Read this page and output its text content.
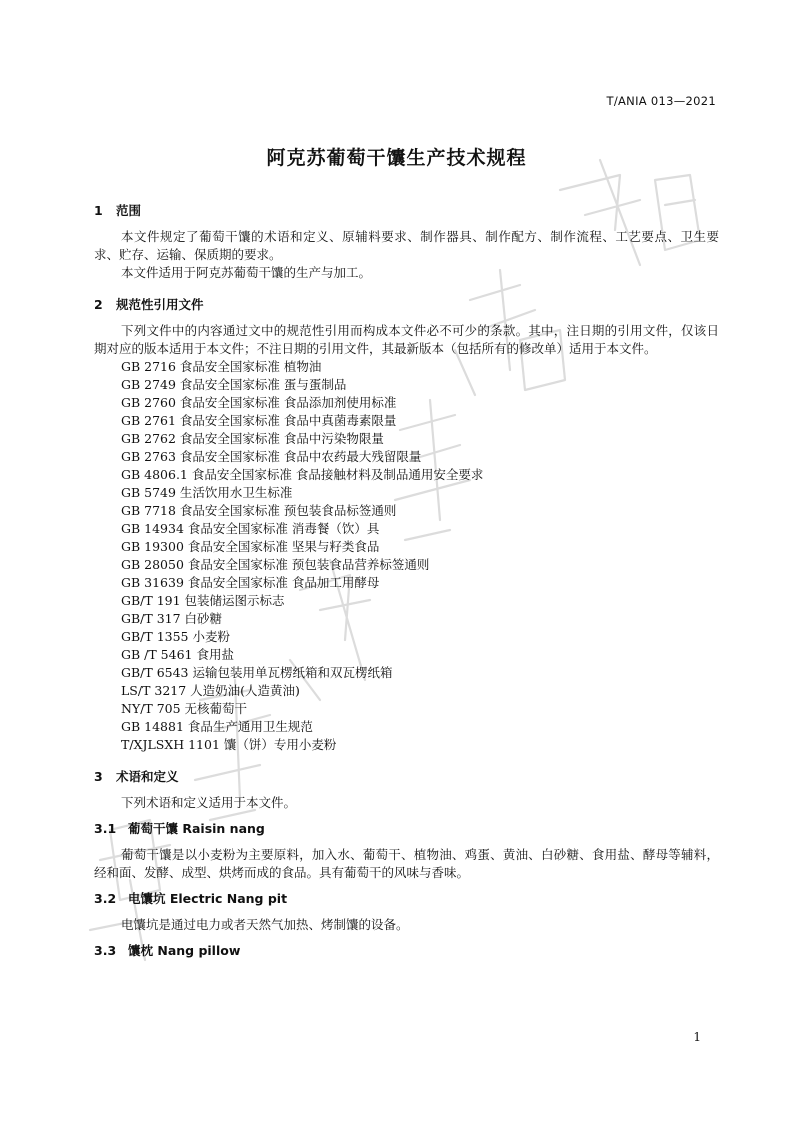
T/ANIA 013—2021
阿克苏葡萄干馕生产技术规程
1 范围

本文件规定了葡萄干馕的术语和定义、原辅料要求、制作器具、制作配方、制作流程、工艺要点、卫生要求、贮存、运输、保质期的要求。

本文件适用于阿克苏葡萄干馕的生产与加工。

2 规范性引用文件

下列文件中的内容通过文中的规范性引用而构成本文件必不可少的条款。其中，注日期的引用文件，仅该日期对应的版本适用于本文件；不注日期的引用文件，其最新版本（包括所有的修改单）适用于本文件。

GB 2716 食品安全国家标准 植物油
GB 2749 食品安全国家标准 蛋与蛋制品
GB 2760 食品安全国家标准 食品添加剂使用标准
GB 2761 食品安全国家标准 食品中真菌毒素限量
GB 2762 食品安全国家标准 食品中污染物限量
GB 2763 食品安全国家标准 食品中农药最大残留限量
GB 4806.1 食品安全国家标准 食品接触材料及制品通用安全要求
GB 5749 生活饮用水卫生标准
GB 7718 食品安全国家标准 预包装食品标签通则
GB 14934 食品安全国家标准 消毒餐（饮）具
GB 19300 食品安全国家标准 坚果与籽类食品
GB 28050 食品安全国家标准 预包装食品营养标签通则
GB 31639 食品安全国家标准 食品加工用酵母
GB/T 191 包装储运图示标志
GB/T 317 白砂糖
GB/T 1355 小麦粉
GB /T 5461 食用盐
GB/T 6543 运输包装用单瓦楞纸箱和双瓦楞纸箱
LS/T 3217 人造奶油(人造黄油)
NY/T 705 无核葡萄干
GB 14881 食品生产通用卫生规范
T/XJLSXH 1101 馕（饼）专用小麦粉
3 术语和定义

下列术语和定义适用于本文件。

3.1 葡萄干馕 Raisin nang

葡萄干馕是以小麦粉为主要原料，加入水、葡萄干、植物油、鸡蛋、黄油、白砂糖、食用盐、酵母等辅料，经和面、发酵、成型、烘烤而成的食品。具有葡萄干的风味与香味。

3.2 电馕坑 Electric Nang pit

电馕坑是通过电力或者天然气加热、烤制馕的设备。

3.3 馕枕 Nang pillow
1
